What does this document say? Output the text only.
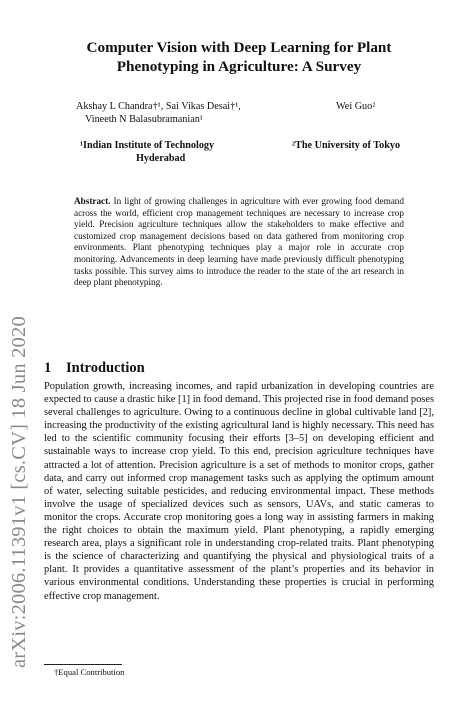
arXiv:2006.11391v1 [cs.CV] 18 Jun 2020
Computer Vision with Deep Learning for Plant
Phenotyping in Agriculture: A Survey
Akshay L Chandra†¹, Sai Vikas Desai†¹,
Vineeth N Balasubramanian¹
Wei Guo²
¹Indian Institute of Technology
Hyderabad
²The University of Tokyo
Abstract. In light of growing challenges in agriculture with ever growing food demand across the world, efficient crop management techniques are necessary to increase crop yield. Precision agriculture techniques allow the stakeholders to make effective and customized crop management decisions based on data gathered from monitoring crop environments. Plant phenotyping techniques play a major role in accurate crop monitoring. Advancements in deep learning have made previously difficult phenotyping tasks possible. This survey aims to introduce the reader to the state of the art research in deep plant phenotyping.
1 Introduction
Population growth, increasing incomes, and rapid urbanization in developing countries are expected to cause a drastic hike [1] in food demand. This projected rise in food demand poses several challenges to agriculture. Owing to a continuous decline in global cultivable land [2], increasing the productivity of the existing agricultural land is highly necessary. This need has led to the scientific community focusing their efforts [3–5] on developing efficient and sustainable ways to increase crop yield. To this end, precision agriculture techniques have attracted a lot of attention. Precision agriculture is a set of methods to monitor crops, gather data, and carry out informed crop management tasks such as applying the optimum amount of water, selecting suitable pesticides, and reducing environmental impact. These methods involve the usage of specialized devices such as sensors, UAVs, and static cameras to monitor the crops. Accurate crop monitoring goes a long way in assisting farmers in making the right choices to obtain the maximum yield. Plant phenotyping, a rapidly emerging research area, plays a significant role in understanding crop-related traits. Plant phenotyping is the science of characterizing and quantifying the physical and physiological traits of a plant. It provides a quantitative assessment of the plant’s properties and its behavior in various environmental conditions. Understanding these properties is crucial in performing effective crop management.
†Equal Contribution
